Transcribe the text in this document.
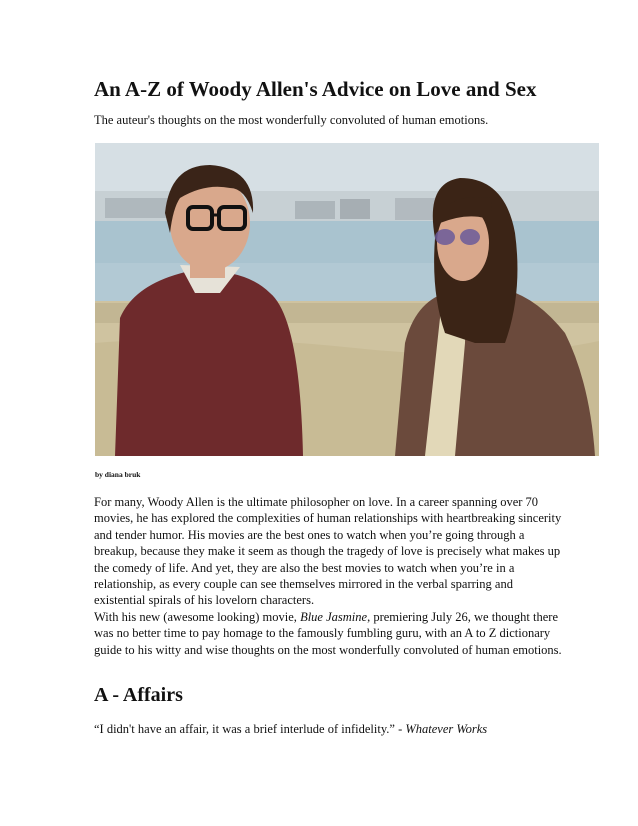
An A-Z of Woody Allen's Advice on Love and Sex

The auteur's thoughts on the most wonderfully convoluted of human emotions.

by diana bruk

For many, Woody Allen is the ultimate philosopher on love. In a career spanning over 70 movies, he has explored the complexities of human relationships with heartbreaking sincerity and tender humor. His movies are the best ones to watch when you’re going through a breakup, because they make it seem as though the tragedy of love is precisely what makes up the comedy of life. And yet, they are also the best movies to watch when you’re in a relationship, as every couple can see themselves mirrored in the verbal sparring and existential spirals of his lovelorn characters.

With his new (awesome looking) movie, Blue Jasmine, premiering July 26, we thought there was no better time to pay homage to the famously fumbling guru, with an A to Z dictionary guide to his witty and wise thoughts on the most wonderfully convoluted of human emotions.

A - Affairs

“I didn't have an affair, it was a brief interlude of infidelity.” - Whatever Works
